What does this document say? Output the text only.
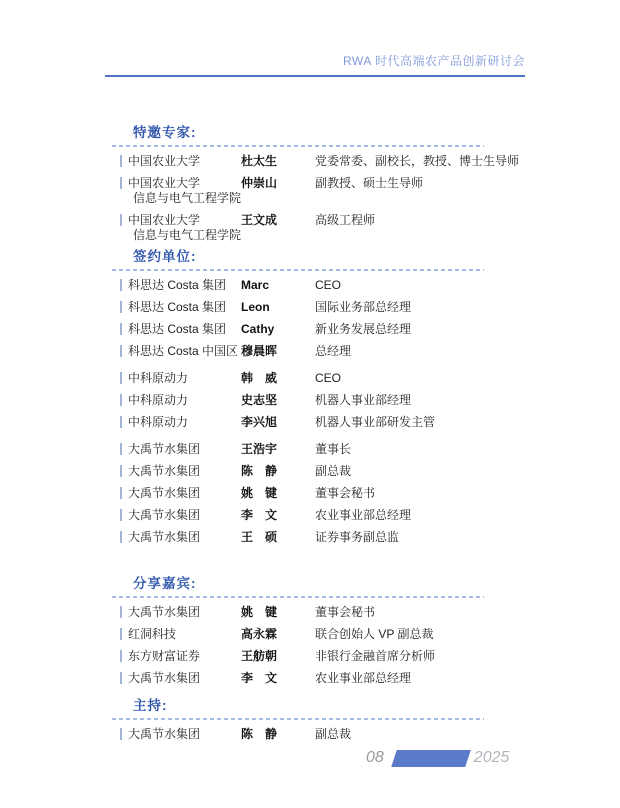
RWA 时代高端农产品创新研讨会
特邀专家:
中国农业大学	杜太生	党委常委、副校长，教授、博士生导师
中国农业大学
信息与电气工程学院
仲崇山	副教授、硕士生导师
中国农业大学
信息与电气工程学院
王文成	高级工程师
签约单位:
科思达 Costa 集团	Marc	CEO
科思达 Costa 集团	Leon	国际业务部总经理
科思达 Costa 集团	Cathy	新业务发展总经理
科思达 Costa 中国区 穆晨晖	总经理
中科原动力	韩　威	CEO
中科原动力	史志坚	机器人事业部经理
中科原动力	李兴旭	机器人事业部研发主管
大禹节水集团	王浩宇	董事长
大禹节水集团	陈　静	副总裁
大禹节水集团	姚　键	董事会秘书
大禹节水集团	李　文	农业事业部总经理
大禹节水集团	王　硕	证券事务副总监
分享嘉宾:
大禹节水集团	姚　键	董事会秘书
红洞科技	高永霖	联合创始人 VP 副总裁
东方财富证券	王舫朝	非银行金融首席分析师
大禹节水集团	李　文	农业事业部总经理
主持:
大禹节水集团	陈　静	副总裁
08	2025
